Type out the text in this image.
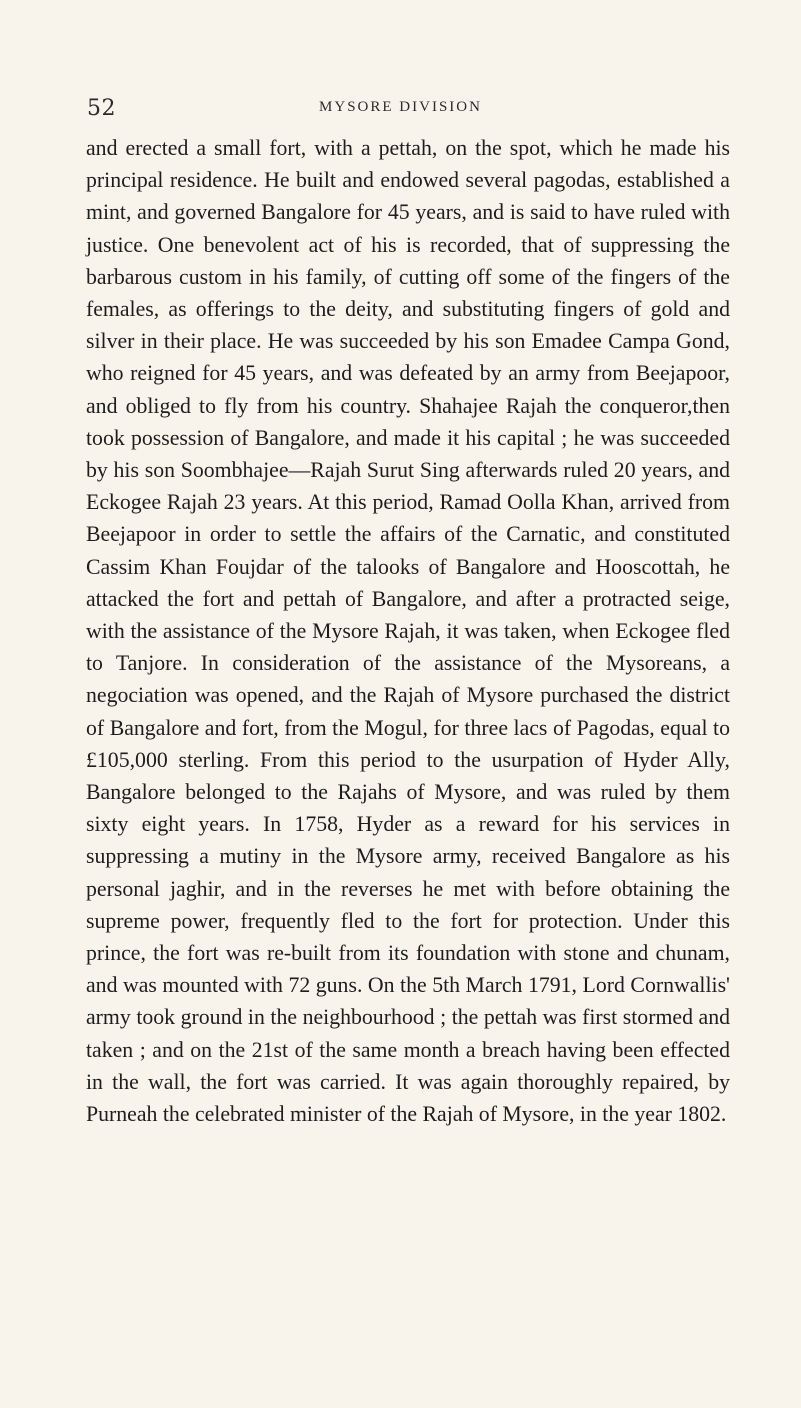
52	MYSORE DIVISION

and erected a small fort, with a pettah, on the spot, which he made his principal residence. He built and endowed several pagodas, established a mint, and governed Bangalore for 45 years, and is said to have ruled with justice. One benevolent act of his is recorded, that of suppressing the barbarous custom in his family, of cutting off some of the fingers of the females, as offerings to the deity, and substituting fingers of gold and silver in their place. He was succeeded by his son Emadee Campa Gond, who reigned for 45 years, and was defeated by an army from Beejapoor, and obliged to fly from his country. Shahajee Rajah the conqueror,then took possession of Bangalore, and made it his capital ; he was succeeded by his son Soombhajee—Rajah Surut Sing afterwards ruled 20 years, and Eckogee Rajah 23 years. At this period, Ramad Oolla Khan, arrived from Beejapoor in order to settle the affairs of the Carnatic, and constituted Cassim Khan Foujdar of the talooks of Bangalore and Hooscottah, he attacked the fort and pettah of Bangalore, and after a protracted seige, with the assistance of the Mysore Rajah, it was taken, when Eckogee fled to Tanjore. In consideration of the assistance of the Mysoreans, a negociation was opened, and the Rajah of Mysore purchased the district of Bangalore and fort, from the Mogul, for three lacs of Pagodas, equal to £105,000 sterling. From this period to the usurpation of Hyder Ally, Bangalore belonged to the Rajahs of Mysore, and was ruled by them sixty eight years. In 1758, Hyder as a reward for his services in suppressing a mutiny in the Mysore army, received Bangalore as his personal jaghir, and in the reverses he met with before obtaining the supreme power, frequently fled to the fort for protection. Under this prince, the fort was re-built from its foundation with stone and chunam, and was mounted with 72 guns. On the 5th March 1791, Lord Cornwallis' army took ground in the neighbourhood ; the pettah was first stormed and taken ; and on the 21st of the same month a breach having been effected in the wall, the fort was carried. It was again thoroughly repaired, by Purneah the celebrated minister of the Rajah of Mysore, in the year 1802.
